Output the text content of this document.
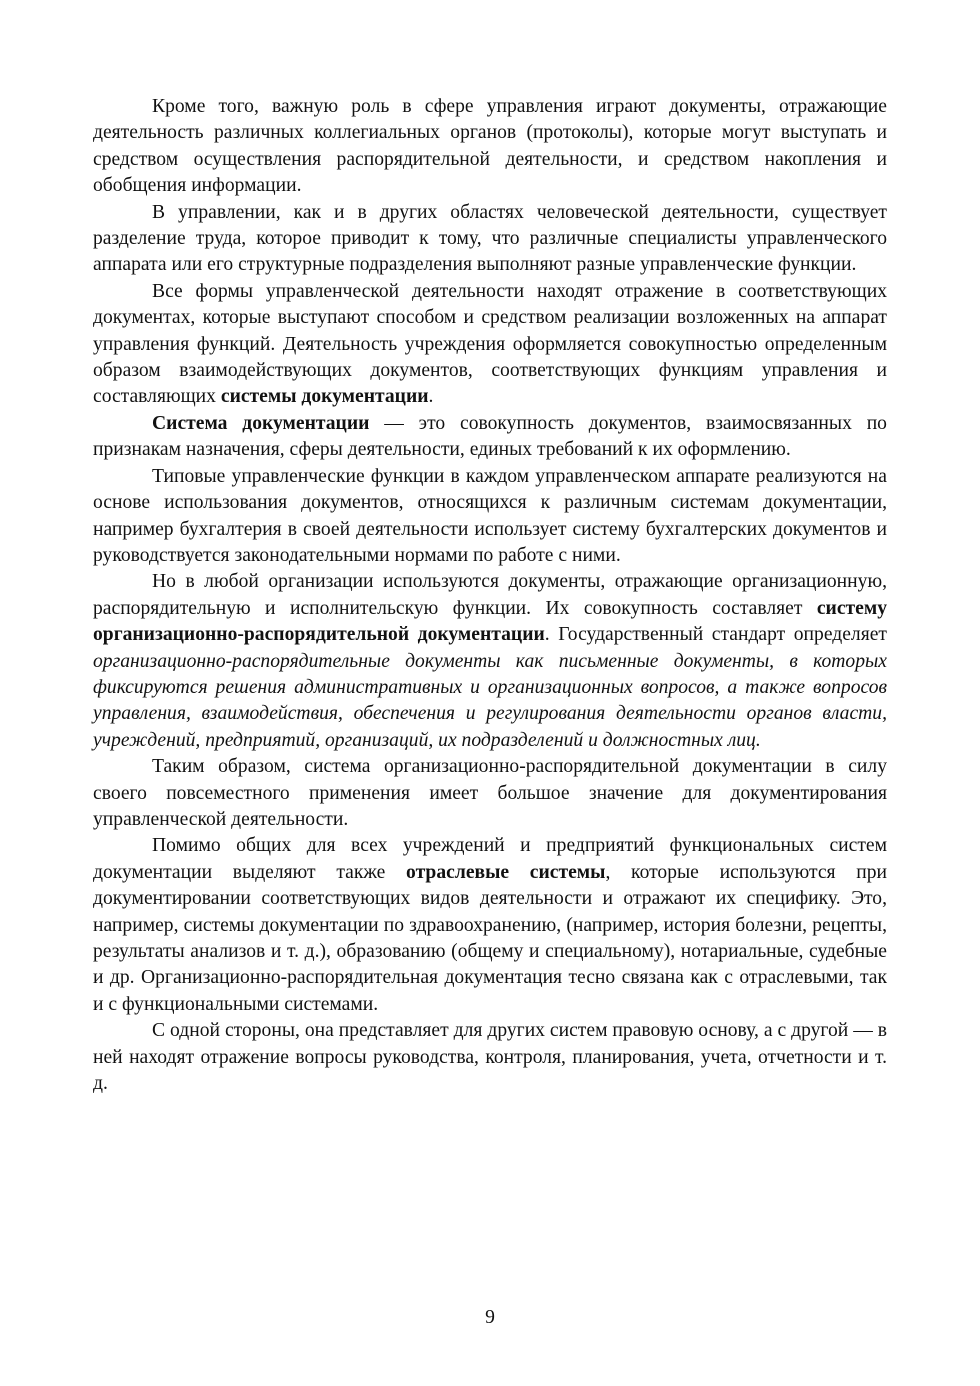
Кроме того, важную роль в сфере управления играют документы, отражающие деятельность различных коллегиальных органов (протоколы), которые могут выступать и средством осуществления распорядительной деятельности, и средством накопления и обобщения информации.

В управлении, как и в других областях человеческой деятельности, существует разделение труда, которое приводит к тому, что различные специалисты управленческого аппарата или его структурные подразделения выполняют разные управленческие функции.

Все формы управленческой деятельности находят отражение в соответствующих документах, которые выступают способом и средством реализации возложенных на аппарат управления функций. Деятельность учреждения оформляется совокупностью определенным образом взаимодействующих документов, соответствующих функциям управления и составляющих системы документации.

Система документации — это совокупность документов, взаимосвязанных по признакам назначения, сферы деятельности, единых требований к их оформлению.

Типовые управленческие функции в каждом управленческом аппарате реализуются на основе использования документов, относящихся к различным системам документации, например бухгалтерия в своей деятельности использует систему бухгалтерских документов и руководствуется законодательными нормами по работе с ними.

Но в любой организации используются документы, отражающие организационную, распорядительную и исполнительскую функции. Их совокупность составляет систему организационно-распорядительной документации. Государственный стандарт определяет организационно-распорядительные документы как письменные документы, в которых фиксируются решения административных и организационных вопросов, а также вопросов управления, взаимодействия, обеспечения и регулирования деятельности органов власти, учреждений, предприятий, организаций, их подразделений и должностных лиц.

Таким образом, система организационно-распорядительной документации в силу своего повсеместного применения имеет большое значение для документирования управленческой деятельности.

Помимо общих для всех учреждений и предприятий функциональных систем документации выделяют также отраслевые системы, которые используются при документировании соответствующих видов деятельности и отражают их специфику. Это, например, системы документации по здравоохранению, (например, история болезни, рецепты, результаты анализов и т. д.), образованию (общему и специальному), нотариальные, судебные и др. Организационно-распорядительная документация тесно связана как с отраслевыми, так и с функциональными системами.

С одной стороны, она представляет для других систем правовую основу, а с другой — в ней находят отражение вопросы руководства, контроля, планирования, учета, отчетности и т. д.

9
